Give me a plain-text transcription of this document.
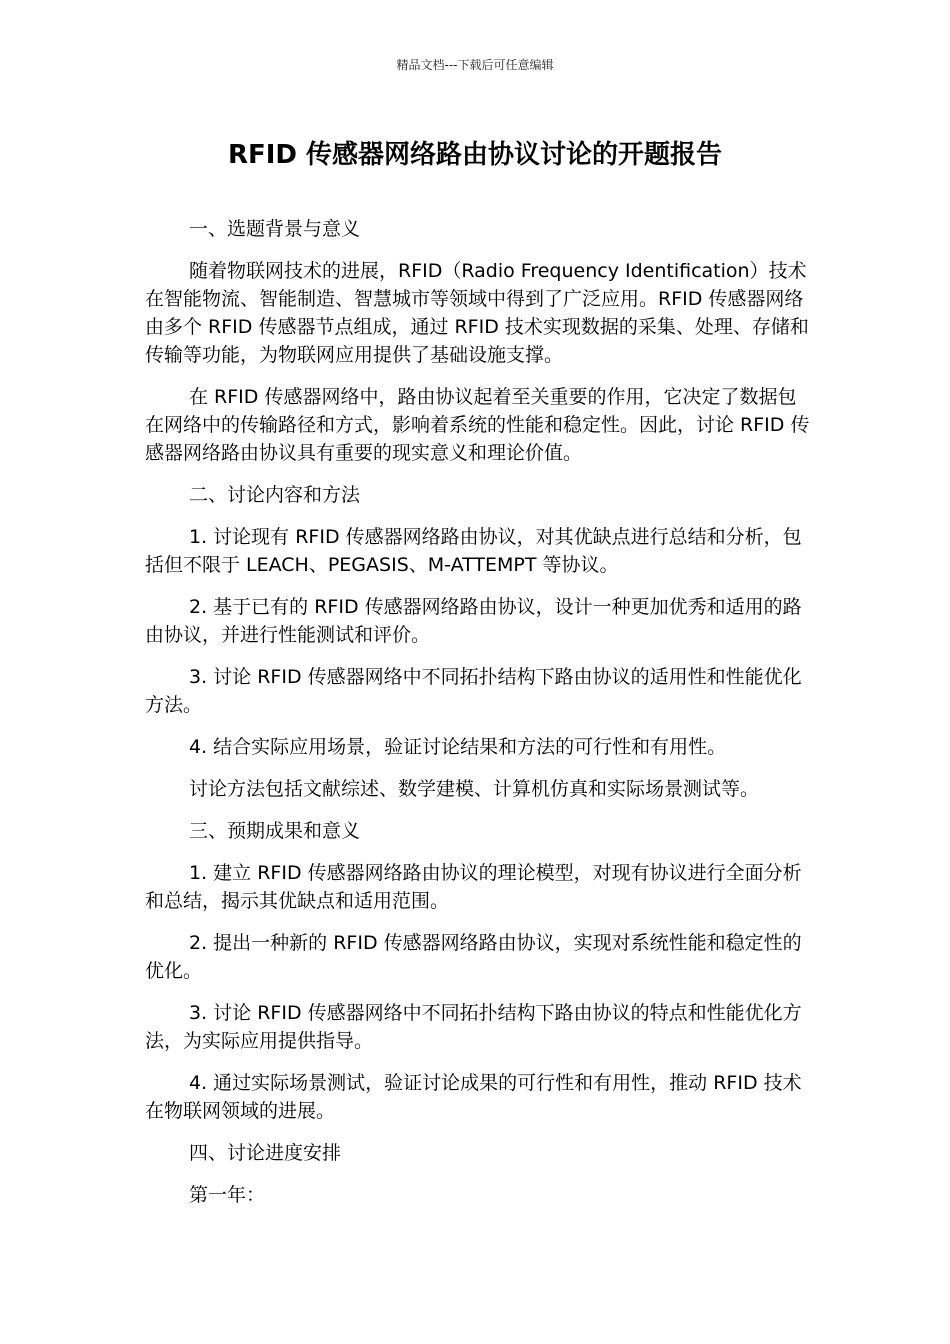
精品文档---下载后可任意编辑
RFID 传感器网络路由协议讨论的开题报告

一、选题背景与意义

随着物联网技术的进展，RFID（Radio Frequency Identification）技术在智能物流、智能制造、智慧城市等领域中得到了广泛应用。RFID 传感器网络由多个 RFID 传感器节点组成，通过 RFID 技术实现数据的采集、处理、存储和传输等功能，为物联网应用提供了基础设施支撑。

在 RFID 传感器网络中，路由协议起着至关重要的作用，它决定了数据包在网络中的传输路径和方式，影响着系统的性能和稳定性。因此，讨论 RFID 传感器网络路由协议具有重要的现实意义和理论价值。

二、讨论内容和方法

1. 讨论现有 RFID 传感器网络路由协议，对其优缺点进行总结和分析，包括但不限于 LEACH、PEGASIS、M-ATTEMPT 等协议。

2. 基于已有的 RFID 传感器网络路由协议，设计一种更加优秀和适用的路由协议，并进行性能测试和评价。

3. 讨论 RFID 传感器网络中不同拓扑结构下路由协议的适用性和性能优化方法。

4. 结合实际应用场景，验证讨论结果和方法的可行性和有用性。

讨论方法包括文献综述、数学建模、计算机仿真和实际场景测试等。

三、预期成果和意义

1. 建立 RFID 传感器网络路由协议的理论模型，对现有协议进行全面分析和总结，揭示其优缺点和适用范围。

2. 提出一种新的 RFID 传感器网络路由协议，实现对系统性能和稳定性的优化。

3. 讨论 RFID 传感器网络中不同拓扑结构下路由协议的特点和性能优化方法，为实际应用提供指导。

4. 通过实际场景测试，验证讨论成果的可行性和有用性，推动 RFID 技术在物联网领域的进展。

四、讨论进度安排

第一年：
